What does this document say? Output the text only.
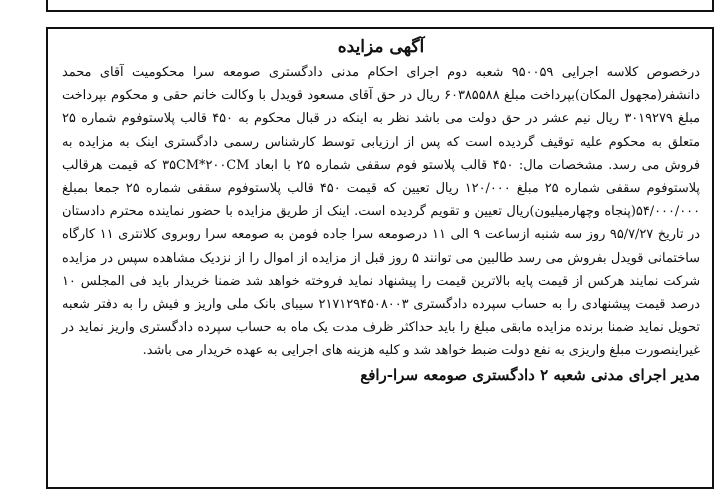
آگهی مزایده

درخصوص کلاسه اجرایی ۹۵۰۰۵۹ شعبه دوم اجرای احکام مدنی دادگستری صومعه سرا محکومیت آقای محمد دانشفر(مجهول المکان)بپرداخت مبلغ ۶۰۳۸۵۵۸۸ ریال در حق آقای مسعود قویدل با وکالت خانم حقی و محکوم بپرداخت مبلغ ۳۰۱۹۲۷۹ ریال نیم عشر در حق دولت می باشد نظر به اینکه در قبال محکوم به ۴۵۰ قالب پلاستوفوم شماره ۲۵ متعلق به محکوم علیه توقیف گردیده است که پس از ارزیابی توسط کارشناس رسمی دادگستری اینک به مزایده به فروش می رسد. مشخصات مال: ۴۵۰ قالب پلاستو فوم سقفی شماره ۲۵ با ابعاد ۳۵CM*۲۰۰CM که قیمت هرقالب پلاستوفوم سقفی شماره ۲۵ مبلغ ۱۲۰/۰۰۰ ریال تعیین که قیمت ۴۵۰ قالب پلاستوفوم سقفی شماره ۲۵ جمعا بمبلغ ۵۴/۰۰۰/۰۰۰(پنجاه وچهارمیلیون)ریال تعیین و تقویم گردیده است. اینک از طریق مزایده با حضور نماینده محترم دادستان در تاریخ ۹۵/۷/۲۷ روز سه شنبه ازساعت ۹ الی ۱۱ درصومعه سرا جاده فومن به صومعه سرا روبروی کلانتری ۱۱ کارگاه ساختمانی قویدل بفروش می رسد طالبین می توانند ۵ روز قبل از مزایده از اموال را از نزدیک مشاهده سپس در مزایده شرکت نمایند هرکس از قیمت پایه بالاترین قیمت را پیشنهاد نماید فروخته خواهد شد ضمنا خریدار باید فی المجلس ۱۰ درصد قیمت پیشنهادی را به حساب سپرده دادگستری ۲۱۷۱۲۹۴۵۰۸۰۰۳ سیبای بانک ملی واریز و فیش را به دفتر شعبه تحویل نماید ضمنا برنده مزایده مابقی مبلغ را باید حداکثر ظرف مدت یک ماه به حساب سپرده دادگستری واریز نماید در غیراینصورت مبلغ واریزی به نفع دولت ضبط خواهد شد و کلیه هزینه های اجرایی به عهده خریدار می باشد.

مدیر اجرای مدنی شعبه ۲ دادگستری صومعه سرا-رافع
